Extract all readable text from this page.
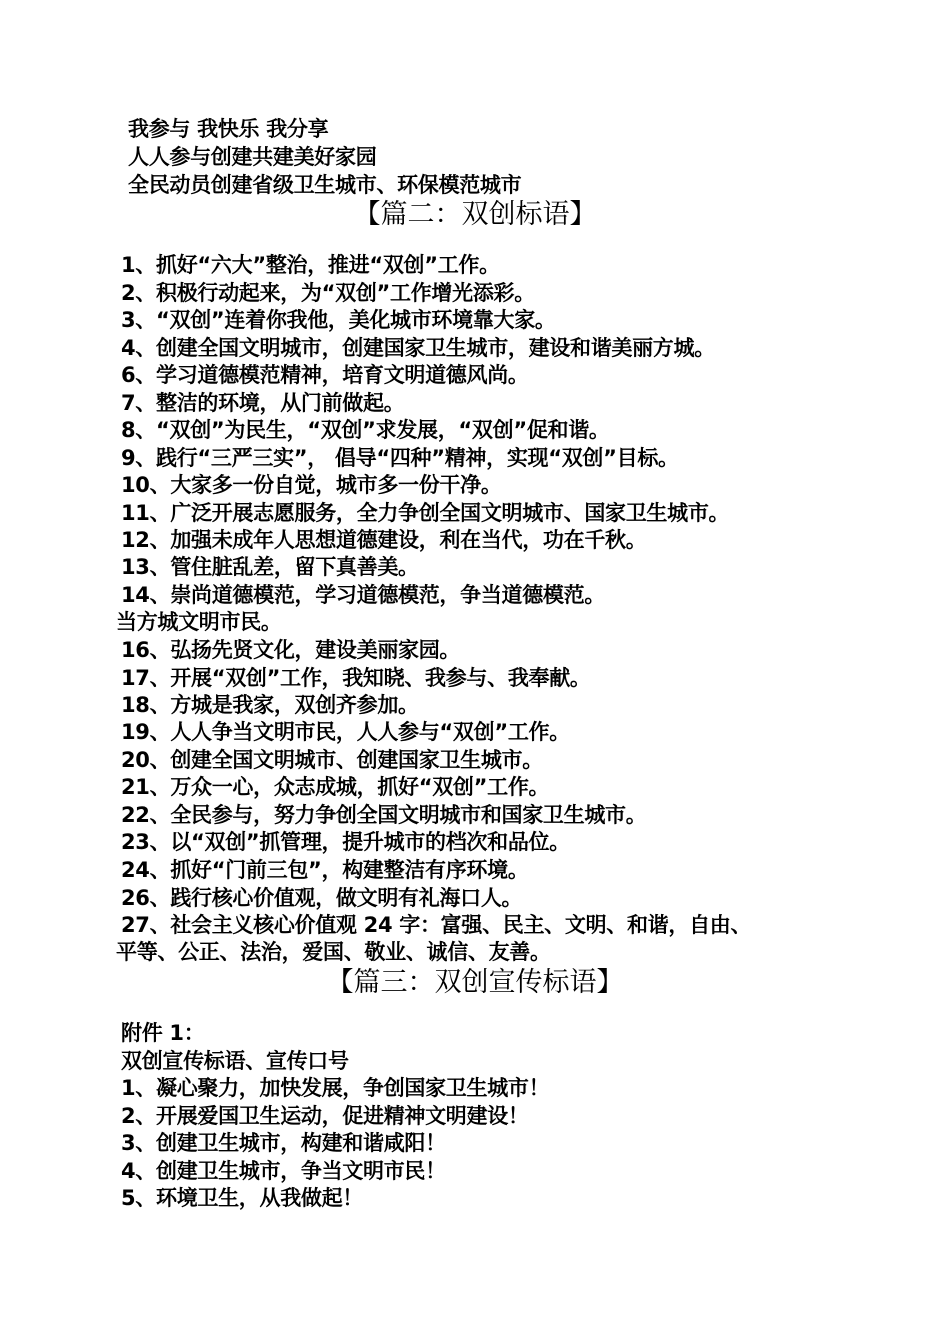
我参与 我快乐 我分享
人人参与创建共建美好家园
全民动员创建省级卫生城市、环保模范城市
【篇二：双创标语】
1、抓好“六大”整治，推进“双创”工作。
2、积极行动起来，为“双创”工作增光添彩。
3、“双创”连着你我他，美化城市环境靠大家。
4、创建全国文明城市，创建国家卫生城市，建设和谐美丽方城。
6、学习道德模范精神，培育文明道德风尚。
7、整洁的环境，从门前做起。
8、“双创”为民生，“双创”求发展，“双创”促和谐。
9、践行“三严三实”， 倡导“四种”精神，实现“双创”目标。
10、大家多一份自觉，城市多一份干净。
11、广泛开展志愿服务，全力争创全国文明城市、国家卫生城市。
12、加强未成年人思想道德建设，利在当代，功在千秋。
13、管住脏乱差，留下真善美。
14、崇尚道德模范，学习道德模范，争当道德模范。
当方城文明市民。
16、弘扬先贤文化，建设美丽家园。
17、开展“双创”工作，我知晓、我参与、我奉献。
18、方城是我家，双创齐参加。
19、人人争当文明市民，人人参与“双创”工作。
20、创建全国文明城市、创建国家卫生城市。
21、万众一心，众志成城，抓好“双创”工作。
22、全民参与，努力争创全国文明城市和国家卫生城市。
23、以“双创”抓管理，提升城市的档次和品位。
24、抓好“门前三包”，构建整洁有序环境。
26、践行核心价值观，做文明有礼海口人。
27、社会主义核心价值观 24 字：富强、民主、文明、和谐，自由、
平等、公正、法治，爱国、敬业、诚信、友善。
【篇三：双创宣传标语】
附件 1：
双创宣传标语、宣传口号
1、凝心聚力，加快发展，争创国家卫生城市！
2、开展爱国卫生运动，促进精神文明建设！
3、创建卫生城市，构建和谐咸阳！
4、创建卫生城市，争当文明市民！
5、环境卫生，从我做起！
